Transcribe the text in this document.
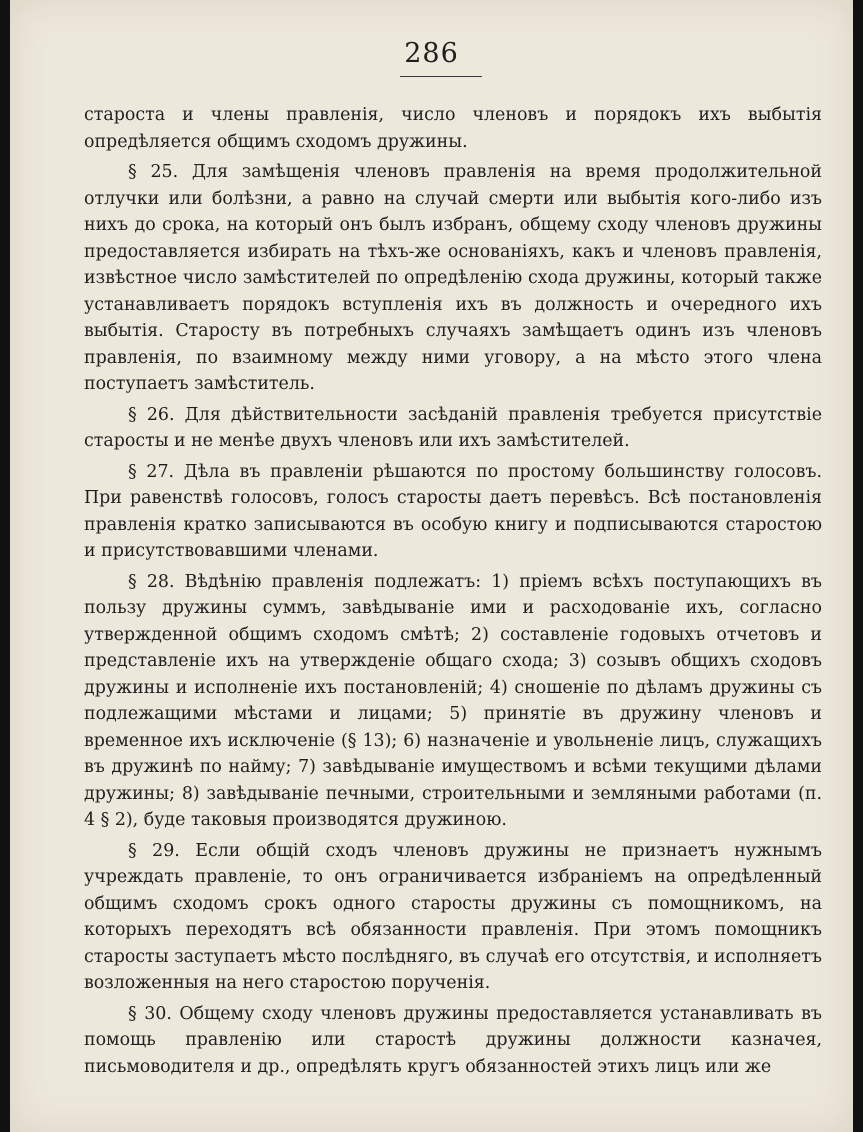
286

староста и члены правленія, число членовъ и порядокъ ихъ выбытія опредѣляется общимъ сходомъ дружины.

§ 25. Для замѣщенія членовъ правленія на время продолжительной отлучки или болѣзни, а равно на случай смерти или выбытія кого-либо изъ нихъ до срока, на который онъ былъ избранъ, общему сходу членовъ дружины предоставляется избирать на тѣхъ-же основаніяхъ, какъ и членовъ правленія, извѣстное число замѣстителей по опредѣленію схода дружины, который также устанавливаетъ порядокъ вступленія ихъ въ должность и очередного ихъ выбытія. Старосту въ потребныхъ случаяхъ замѣщаетъ одинъ изъ членовъ правленія, по взаимному между ними уговору, а на мѣсто этого члена поступаетъ замѣститель.

§ 26. Для дѣйствительности засѣданій правленія требуется присутствіе старосты и не менѣе двухъ членовъ или ихъ замѣстителей.

§ 27. Дѣла въ правленіи рѣшаются по простому большинству голосовъ. При равенствѣ голосовъ, голосъ старосты даетъ перевѣсъ. Всѣ постановленія правленія кратко записываются въ особую книгу и подписываются старостою и присутствовавшими членами.

§ 28. Вѣдѣнію правленія подлежатъ: 1) пріемъ всѣхъ поступающихъ въ пользу дружины суммъ, завѣдываніе ими и расходованіе ихъ, согласно утвержденной общимъ сходомъ смѣтѣ; 2) составленіе годовыхъ отчетовъ и представленіе ихъ на утвержденіе общаго схода; 3) созывъ общихъ сходовъ дружины и исполненіе ихъ постановленій; 4) сношеніе по дѣламъ дружины съ подлежащими мѣстами и лицами; 5) принятіе въ дружину членовъ и временное ихъ исключеніе (§ 13); 6) назначеніе и увольненіе лицъ, служащихъ въ дружинѣ по найму; 7) завѣдываніе имуществомъ и всѣми текущими дѣлами дружины; 8) завѣдываніе печными, строительными и земляными работами (п. 4 § 2), буде таковыя производятся дружиною.

§ 29. Если общій сходъ членовъ дружины не признаетъ нужнымъ учреждать правленіе, то онъ ограничивается избраніемъ на опредѣленный общимъ сходомъ срокъ одного старосты дружины съ помощникомъ, на которыхъ переходятъ всѣ обязанности правленія. При этомъ помощникъ старосты заступаетъ мѣсто послѣдняго, въ случаѣ его отсутствія, и исполняетъ возложенныя на него старостою порученія.

§ 30. Общему сходу членовъ дружины предоставляется устанавливать въ помощь правленію или старостѣ дружины должности казначея, письмоводителя и др., опредѣлять кругъ обязанностей этихъ лицъ или же
